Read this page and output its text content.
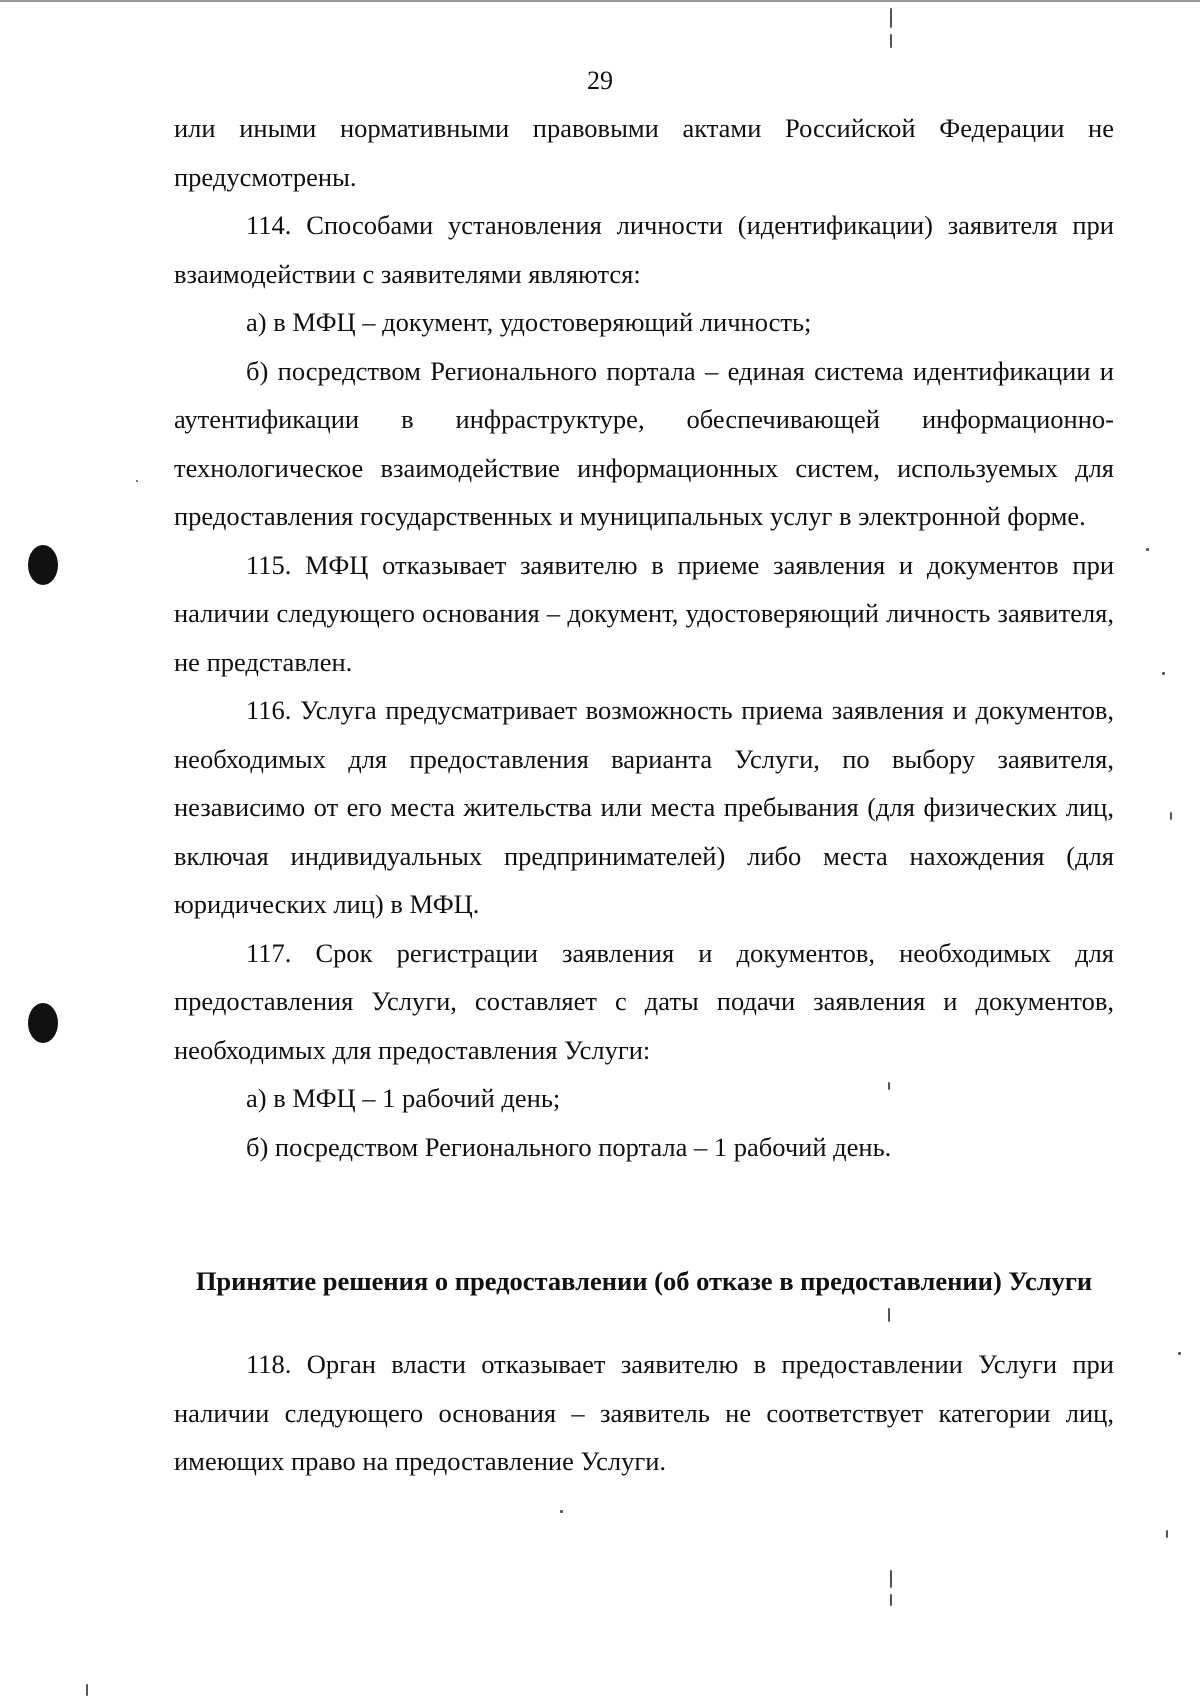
29

или иными нормативными правовыми актами Российской Федерации не предусмотрены.

114. Способами установления личности (идентификации) заявителя при взаимодействии с заявителями являются:

а) в МФЦ – документ, удостоверяющий личность;

б) посредством Регионального портала – единая система идентификации и аутентификации в инфраструктуре, обеспечивающей информационно-технологическое взаимодействие информационных систем, используемых для предоставления государственных и муниципальных услуг в электронной форме.

115. МФЦ отказывает заявителю в приеме заявления и документов при наличии следующего основания – документ, удостоверяющий личность заявителя, не представлен.

116. Услуга предусматривает возможность приема заявления и документов, необходимых для предоставления варианта Услуги, по выбору заявителя, независимо от его места жительства или места пребывания (для физических лиц, включая индивидуальных предпринимателей) либо места нахождения (для юридических лиц) в МФЦ.

117. Срок регистрации заявления и документов, необходимых для предоставления Услуги, составляет с даты подачи заявления и документов, необходимых для предоставления Услуги:

а) в МФЦ – 1 рабочий день;

б) посредством Регионального портала – 1 рабочий день.

Принятие решения о предоставлении (об отказе в предоставлении) Услуги

118. Орган власти отказывает заявителю в предоставлении Услуги при наличии следующего основания – заявитель не соответствует категории лиц, имеющих право на предоставление Услуги.
